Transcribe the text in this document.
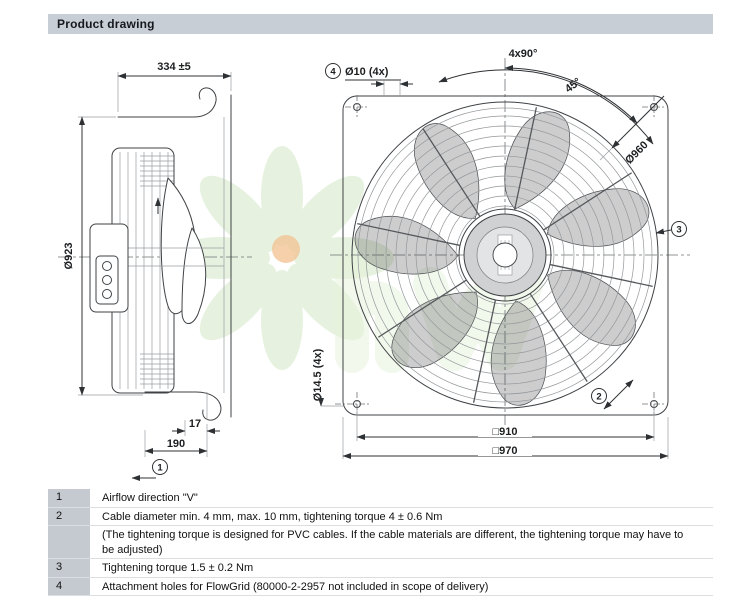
Product drawing
334 ±5
Ø923
17
190
1
4x90°
45°
Ø960
4 Ø10 (4x)
Ø14.5 (4x)
3
2
□910
□970
1	Airflow direction "V"
2	Cable diameter min. 4 mm, max. 10 mm, tightening torque 4 ± 0.6 Nm
(The tightening torque is designed for PVC cables. If the cable materials are different, the tightening torque may have to be adjusted)
3	Tightening torque 1.5 ± 0.2 Nm
4	Attachment holes for FlowGrid (80000-2-2957 not included in scope of delivery)
